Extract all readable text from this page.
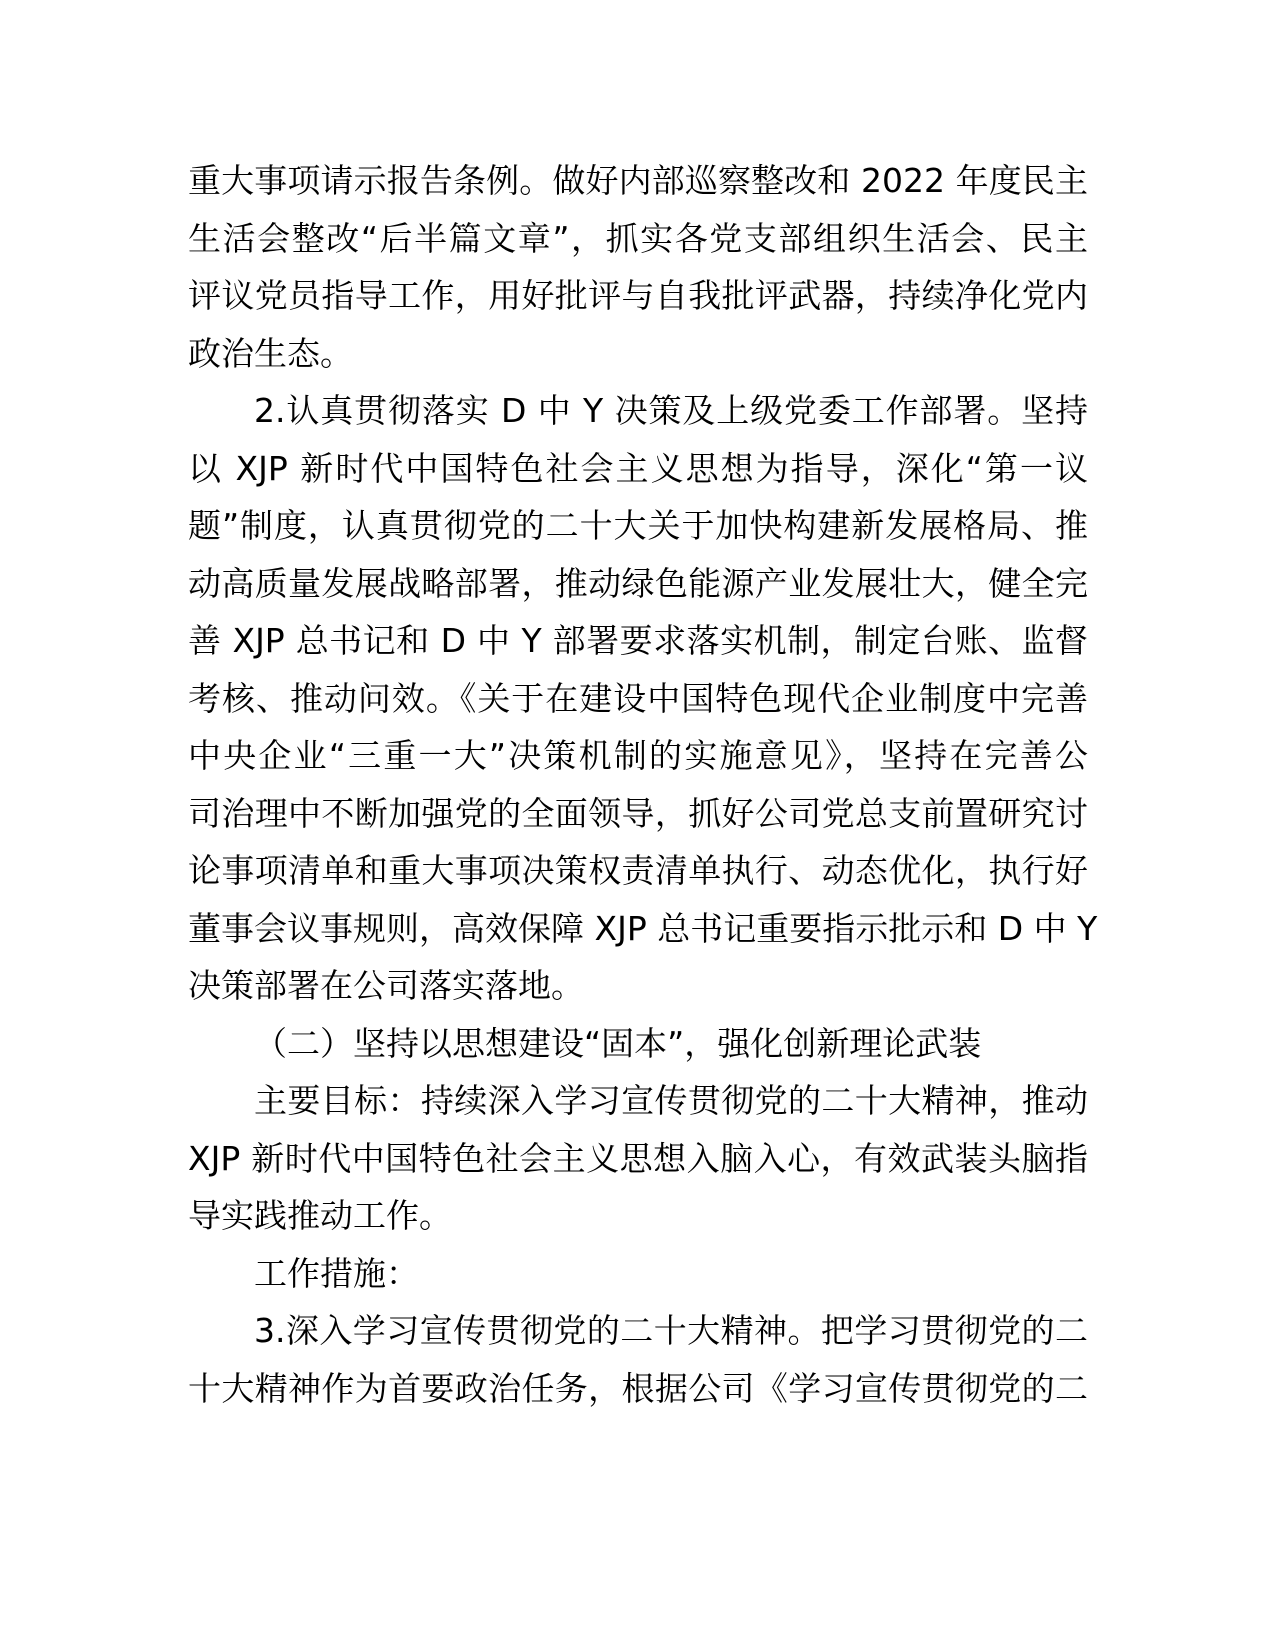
重大事项请示报告条例。做好内部巡察整改和 2022 年度民主
生活会整改“后半篇文章”，抓实各党支部组织生活会、民主
评议党员指导工作，用好批评与自我批评武器，持续净化党内
政治生态。

2.认真贯彻落实 D 中 Y 决策及上级党委工作部署。坚持
以 XJP 新时代中国特色社会主义思想为指导，深化“第一议
题”制度，认真贯彻党的二十大关于加快构建新发展格局、推
动高质量发展战略部署，推动绿色能源产业发展壮大，健全完
善 XJP 总书记和 D 中 Y 部署要求落实机制，制定台账、监督
考核、推动问效。《关于在建设中国特色现代企业制度中完善
中央企业“三重一大”决策机制的实施意见》，坚持在完善公
司治理中不断加强党的全面领导，抓好公司党总支前置研究讨
论事项清单和重大事项决策权责清单执行、动态优化，执行好
董事会议事规则，高效保障 XJP 总书记重要指示批示和 D 中 Y
决策部署在公司落实落地。

（二）坚持以思想建设“固本”，强化创新理论武装

主要目标：持续深入学习宣传贯彻党的二十大精神，推动
XJP 新时代中国特色社会主义思想入脑入心，有效武装头脑指
导实践推动工作。

工作措施：

3.深入学习宣传贯彻党的二十大精神。把学习贯彻党的二
十大精神作为首要政治任务，根据公司《学习宣传贯彻党的二
